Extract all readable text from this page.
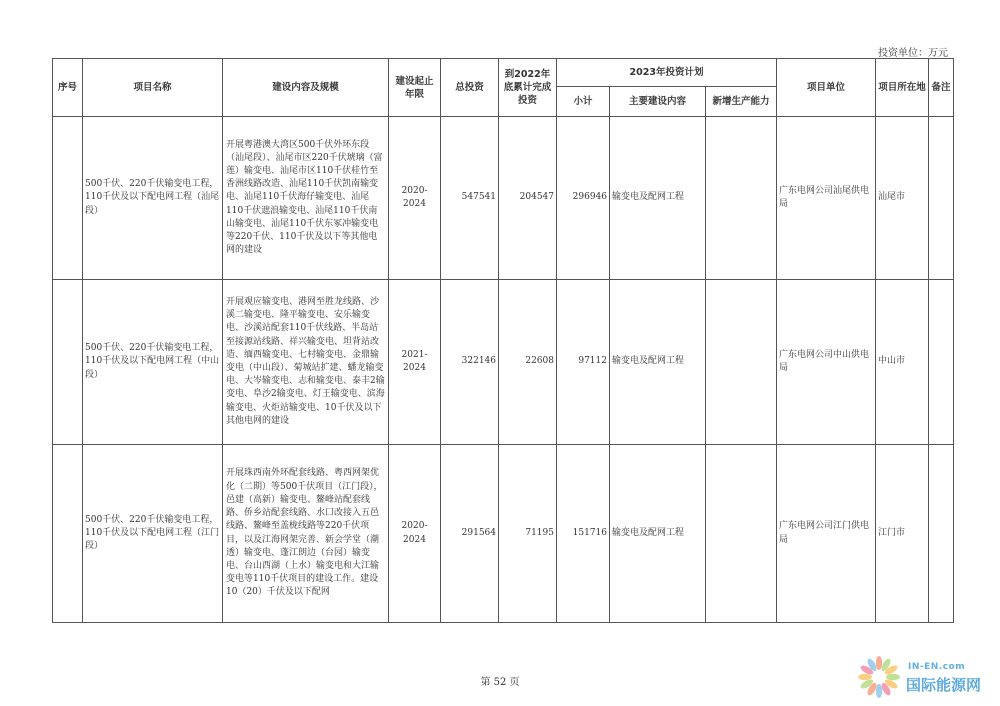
投资单位：万元
序号	项目名称	建设内容及规模	建设起止年限	总投资	到2022年底累计完成投资	2023年投资计划			项目单位	项目所在地	备注
						小计	主要建设内容	新增生产能力			
	500千伏、220千伏输变电工程，110千伏及以下配电网工程（汕尾段）	开展粤港澳大湾区500千伏外环东段（汕尾段）、汕尾市区220千伏琥璃（富莲）输变电、汕尾市区110千伏桂竹至香洲线路改造、汕尾110千伏凯南输变电、汕尾110千伏海仔输变电、汕尾110千伏遮浪输变电、汕尾110千伏南山输变电、汕尾110千伏东冢冲输变电等220千伏、110千伏及以下等其他电网的建设	2020-2024	547541	204547	296946	输变电及配网工程		广东电网公司汕尾供电局	汕尾市	
	500千伏、220千伏输变电工程，110千伏及以下配电网工程（中山段）	开展观应输变电、港网至胜龙线路、沙溪二输变电、隆平输变电、安乐输变电、沙溪站配套110千伏线路、半岛站至接源站线路、祥兴输变电、坦背站改造、缅西输变电、七村输变电、金鼎输变电（中山段）、菊城站扩建、蟠龙输变电、大岑输变电、志和输变电、泰丰2输变电、阜沙2输变电、灯王输变电、滨海输变电、火炬站输变电、10千伏及以下其他电网的建设	2021-2024	322146	22608	97112	输变电及配网工程		广东电网公司中山供电局	中山市	
	500千伏、220千伏输变电工程，110千伏及以下配电网工程（江门段）	开展珠西南外环配套线路、粤西网架优化（二期）等500千伏项目（江门段），邑建（高新）输变电、鳌峰站配套线路、侨乡站配套线路、水口改接入五邑线路、鳌峰至盖栊线路等220千伏项目，以及江海网架完善、新会学堂（潮透）输变电、蓬江朗边（台园）输变电、台山西湖（上水）输变电和大江输变电等110千伏项目的建设工作。建设10（20）千伏及以下配网	2020-2024	291564	71195	151716	输变电及配网工程		广东电网公司江门供电局	江门市	
第 52 页
IN-EN.com
国际能源网
